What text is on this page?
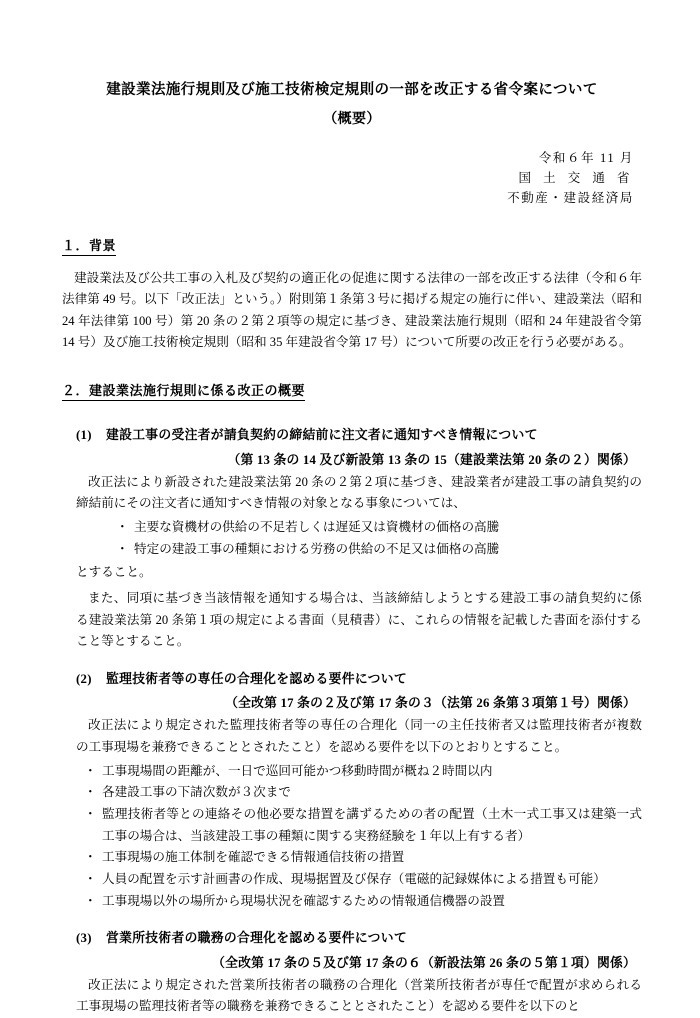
建設業法施行規則及び施工技術検定規則の一部を改正する省令案について
（概要）
令和６年 11 月
国 土 交 通 省
不動産・建設経済局
１．背景

建設業法及び公共工事の入札及び契約の適正化の促進に関する法律の一部を改正する法律（令和６年法律第 49 号。以下「改正法」という。）附則第１条第３号に掲げる規定の施行に伴い、建設業法（昭和 24 年法律第 100 号）第 20 条の２第２項等の規定に基づき、建設業法施行規則（昭和 24 年建設省令第 14 号）及び施工技術検定規則（昭和 35 年建設省令第 17 号）について所要の改正を行う必要がある。

２．建設業法施行規則に係る改正の概要
(1) 建設工事の受注者が請負契約の締結前に注文者に通知すべき情報について
（第 13 条の 14 及び新設第 13 条の 15（建設業法第 20 条の２）関係）

改正法により新設された建設業法第 20 条の２第２項に基づき、建設業者が建設工事の請負契約の締結前にその注文者に通知すべき情報の対象となる事象については、

・ 主要な資機材の供給の不足若しくは遅延又は資機材の価格の高騰
・ 特定の建設工事の種類における労務の供給の不足又は価格の高騰
とすること。

また、同項に基づき当該情報を通知する場合は、当該締結しようとする建設工事の請負契約に係る建設業法第 20 条第１項の規定による書面（見積書）に、これらの情報を記載した書面を添付すること等とすること。

(2) 監理技術者等の専任の合理化を認める要件について
（全改第 17 条の２及び第 17 条の３（法第 26 条第３項第１号）関係）

改正法により規定された監理技術者等の専任の合理化（同一の主任技術者又は監理技術者が複数の工事現場を兼務できることとされたこと）を認める要件を以下のとおりとすること。

・ 工事現場間の距離が、一日で巡回可能かつ移動時間が概ね２時間以内
・ 各建設工事の下請次数が３次まで
・ 監理技術者等との連絡その他必要な措置を講ずるための者の配置（土木一式工事又は建築一式工事の場合は、当該建設工事の種類に関する実務経験を１年以上有する者）
・ 工事現場の施工体制を確認できる情報通信技術の措置
・ 人員の配置を示す計画書の作成、現場据置及び保存（電磁的記録媒体による措置も可能）
・ 工事現場以外の場所から現場状況を確認するための情報通信機器の設置
(3) 営業所技術者の職務の合理化を認める要件について
（全改第 17 条の５及び第 17 条の６（新設法第 26 条の５第１項）関係）

改正法により規定された営業所技術者の職務の合理化（営業所技術者が専任で配置が求められる工事現場の監理技術者等の職務を兼務できることとされたこと）を認める要件を以下のと
